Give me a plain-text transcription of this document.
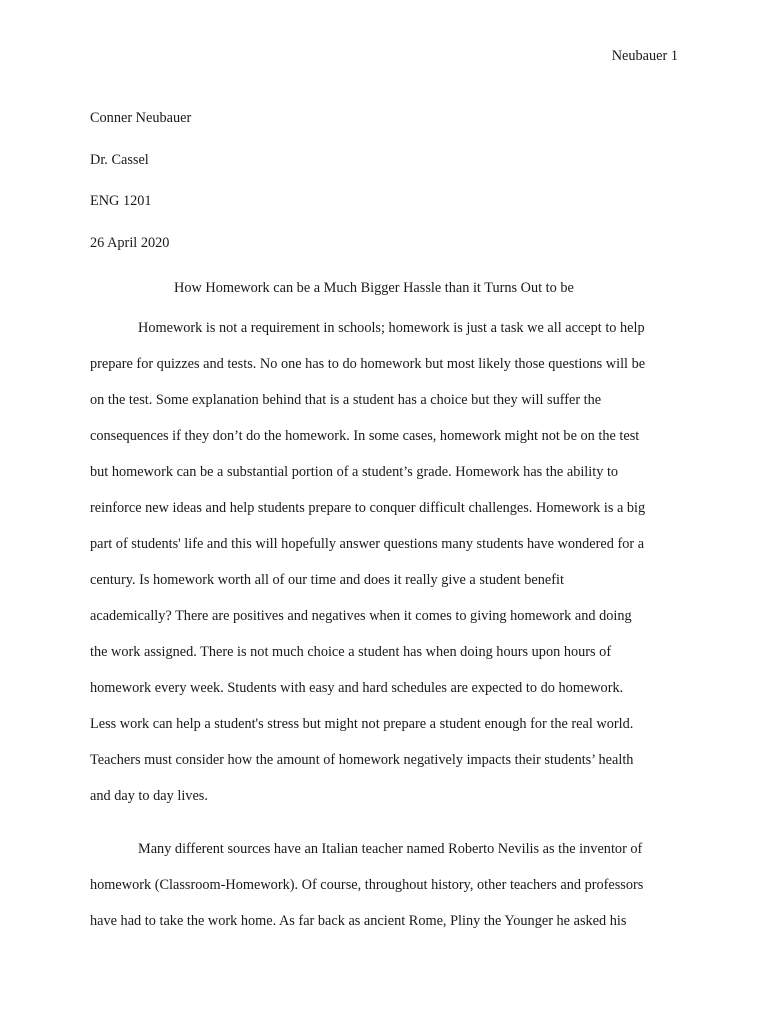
Neubauer 1
Conner Neubauer
Dr. Cassel
ENG 1201
26 April 2020
How Homework can be a Much Bigger Hassle than it Turns Out to be
Homework is not a requirement in schools; homework is just a task we all accept to help
prepare for quizzes and tests. No one has to do homework but most likely those questions will be
on the test. Some explanation behind that is a student has a choice but they will suffer the
consequences if they don’t do the homework. In some cases, homework might not be on the test
but homework can be a substantial portion of a student’s grade. Homework has the ability to
reinforce new ideas and help students prepare to conquer difficult challenges. Homework is a big
part of students' life and this will hopefully answer questions many students have wondered for a
century. Is homework worth all of our time and does it really give a student benefit
academically? There are positives and negatives when it comes to giving homework and doing
the work assigned. There is not much choice a student has when doing hours upon hours of
homework every week. Students with easy and hard schedules are expected to do homework.
Less work can help a student's stress but might not prepare a student enough for the real world.
Teachers must consider how the amount of homework negatively impacts their students’ health
and day to day lives.
Many different sources have an Italian teacher named Roberto Nevilis as the inventor of
homework (Classroom-Homework). Of course, throughout history, other teachers and professors
have had to take the work home. As far back as ancient Rome, Pliny the Younger he asked his
